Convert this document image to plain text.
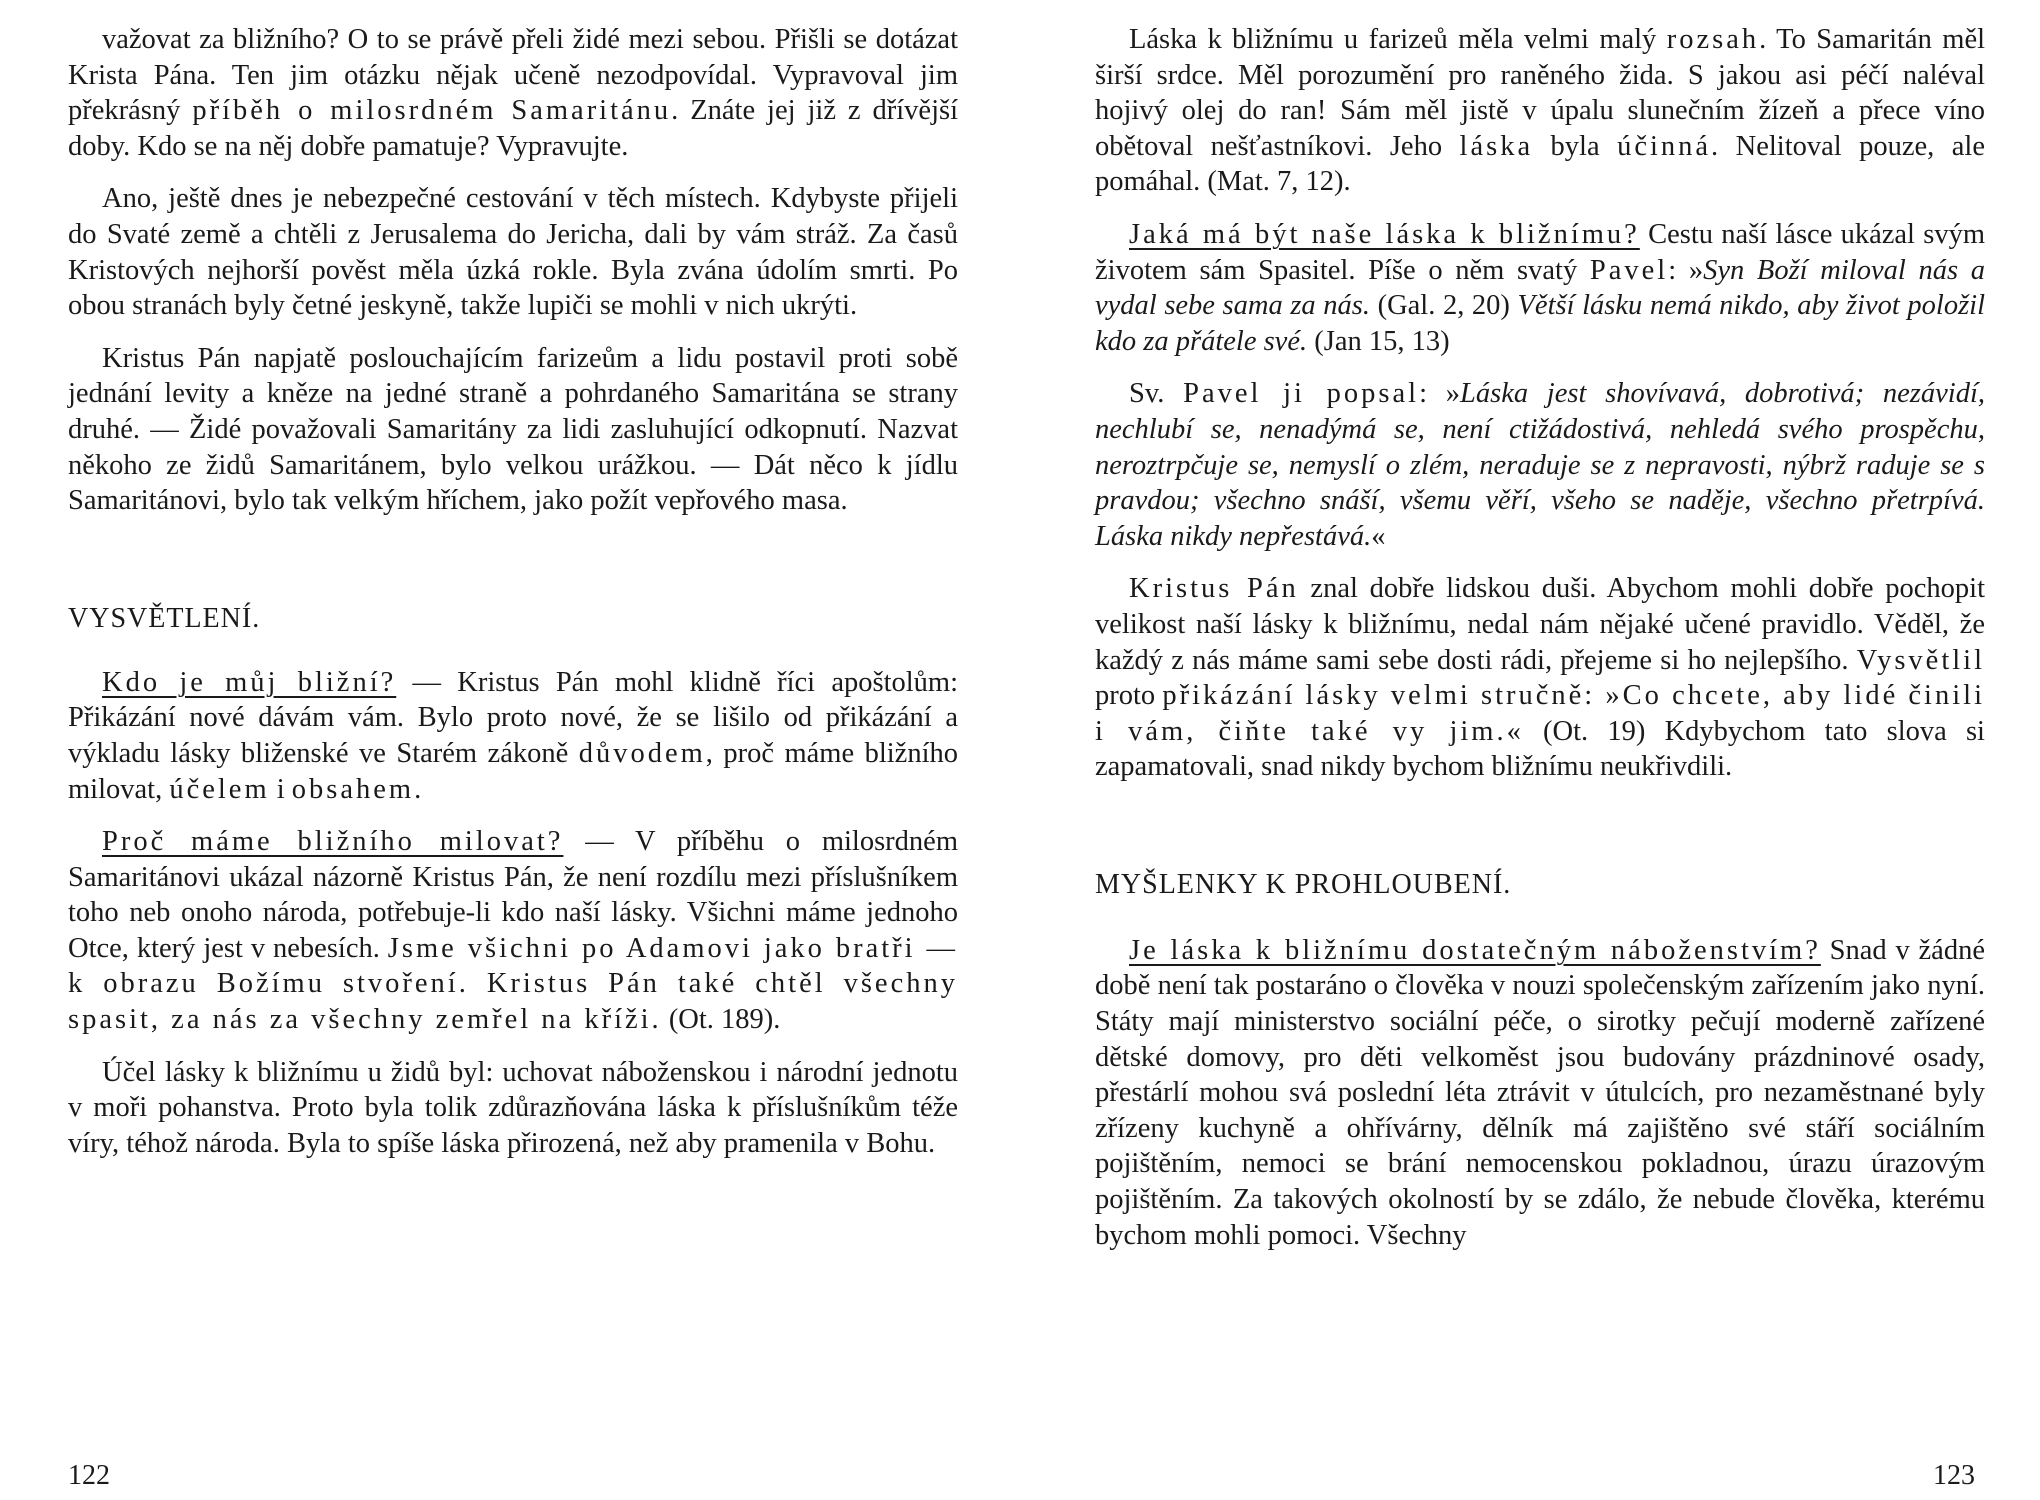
važovat za bližního? O to se právě přeli židé mezi sebou. Přišli se dotázat Krista Pána. Ten jim otázku nějak učeně nezodpovídal. Vypravoval jim překrásný příběh o milosrdném Samaritánu. Znáte jej již z dřívější doby. Kdo se na něj dobře pamatuje? Vypravujte.

Ano, ještě dnes je nebezpečné cestování v těch místech. Kdybyste přijeli do Svaté země a chtěli z Jerusalema do Jericha, dali by vám stráž. Za časů Kristových nejhorší pověst měla úzká rokle. Byla zvána údolím smrti. Po obou stranách byly četné jeskyně, takže lupiči se mohli v nich ukrýti.

Kristus Pán napjatě poslouchajícím farizeům a lidu postavil proti sobě jednání levity a kněze na jedné straně a pohrdaného Samaritána se strany druhé. — Židé považovali Samaritány za lidi zasluhující odkopnutí. Nazvat někoho ze židů Samaritánem, bylo velkou urážkou. — Dát něco k jídlu Samaritánovi, bylo tak velkým hříchem, jako požít vepřového masa.

VYSVĚTLENÍ.

Kdo je můj bližní? — Kristus Pán mohl klidně říci apoštolům: Přikázání nové dávám vám. Bylo proto nové, že se lišilo od přikázání a výkladu lásky bliženské ve Starém zákoně důvodem, proč máme bližního milovat, účelem i obsahem.

Proč máme bližního milovat? — V příběhu o milosrdném Samaritánovi ukázal názorně Kristus Pán, že není rozdílu mezi příslušníkem toho neb onoho národa, potřebuje-li kdo naší lásky. Všichni máme jednoho Otce, který jest v nebesích. Jsme všichni po Adamovi jako bratři — k obrazu Božímu stvoření. Kristus Pán také chtěl všechny spasit, za nás za všechny zemřel na kříži. (Ot. 189).

Účel lásky k bližnímu u židů byl: uchovat náboženskou i národní jednotu v moři pohanstva. Proto byla tolik zdůrazňována láska k příslušníkům téže víry, téhož národa. Byla to spíše láska přirozená, než aby pramenila v Bohu.

122

Láska k bližnímu u farizeů měla velmi malý rozsah. To Samaritán měl širší srdce. Měl porozumění pro raněného žida. S jakou asi péčí naléval hojivý olej do ran! Sám měl jistě v úpalu slunečním žízeň a přece víno obětoval nešťastníkovi. Jeho láska byla účinná. Nelitoval pouze, ale pomáhal. (Mat. 7, 12).

Jaká má být naše láska k bližnímu? Cestu naší lásce ukázal svým životem sám Spasitel. Píše o něm svatý Pavel: »Syn Boží miloval nás a vydal sebe sama za nás. (Gal. 2, 20) Větší lásku nemá nikdo, aby život položil kdo za přátele své. (Jan 15, 13)

Sv. Pavel ji popsal: »Láska jest shovívavá, dobrotivá; nezávidí, nechlubí se, nenadýmá se, není ctižádostivá, nehledá svého prospěchu, neroztrpčuje se, nemyslí o zlém, neraduje se z nepravosti, nýbrž raduje se s pravdou; všechno snáší, všemu věří, všeho se naděje, všechno přetrpívá. Láska nikdy nepřestává.«

Kristus Pán znal dobře lidskou duši. Abychom mohli dobře pochopit velikost naší lásky k bližnímu, nedal nám nějaké učené pravidlo. Věděl, že každý z nás máme sami sebe dosti rádi, přejeme si ho nejlepšího. Vysvětlil proto přikázání lásky velmi stručně: »Co chcete, aby lidé činili i vám, čiňte také vy jim.« (Ot. 19) Kdybychom tato slova si zapamatovali, snad nikdy bychom bližnímu neukřivdili.

MYŠLENKY K PROHLOUBENÍ.

Je láska k bližnímu dostatečným náboženstvím? Snad v žádné době není tak postaráno o člověka v nouzi společenským zařízením jako nyní. Státy mají ministerstvo sociální péče, o sirotky pečují moderně zařízené dětské domovy, pro děti velkoměst jsou budovány prázdninové osady, přestárlí mohou svá poslední léta ztrávit v útulcích, pro nezaměstnané byly zřízeny kuchyně a ohřívárny, dělník má zajištěno své stáří sociálním pojištěním, nemoci se brání nemocenskou pokladnou, úrazu úrazovým pojištěním. Za takových okolností by se zdálo, že nebude člověka, kterému bychom mohli pomoci. Všechny

123
